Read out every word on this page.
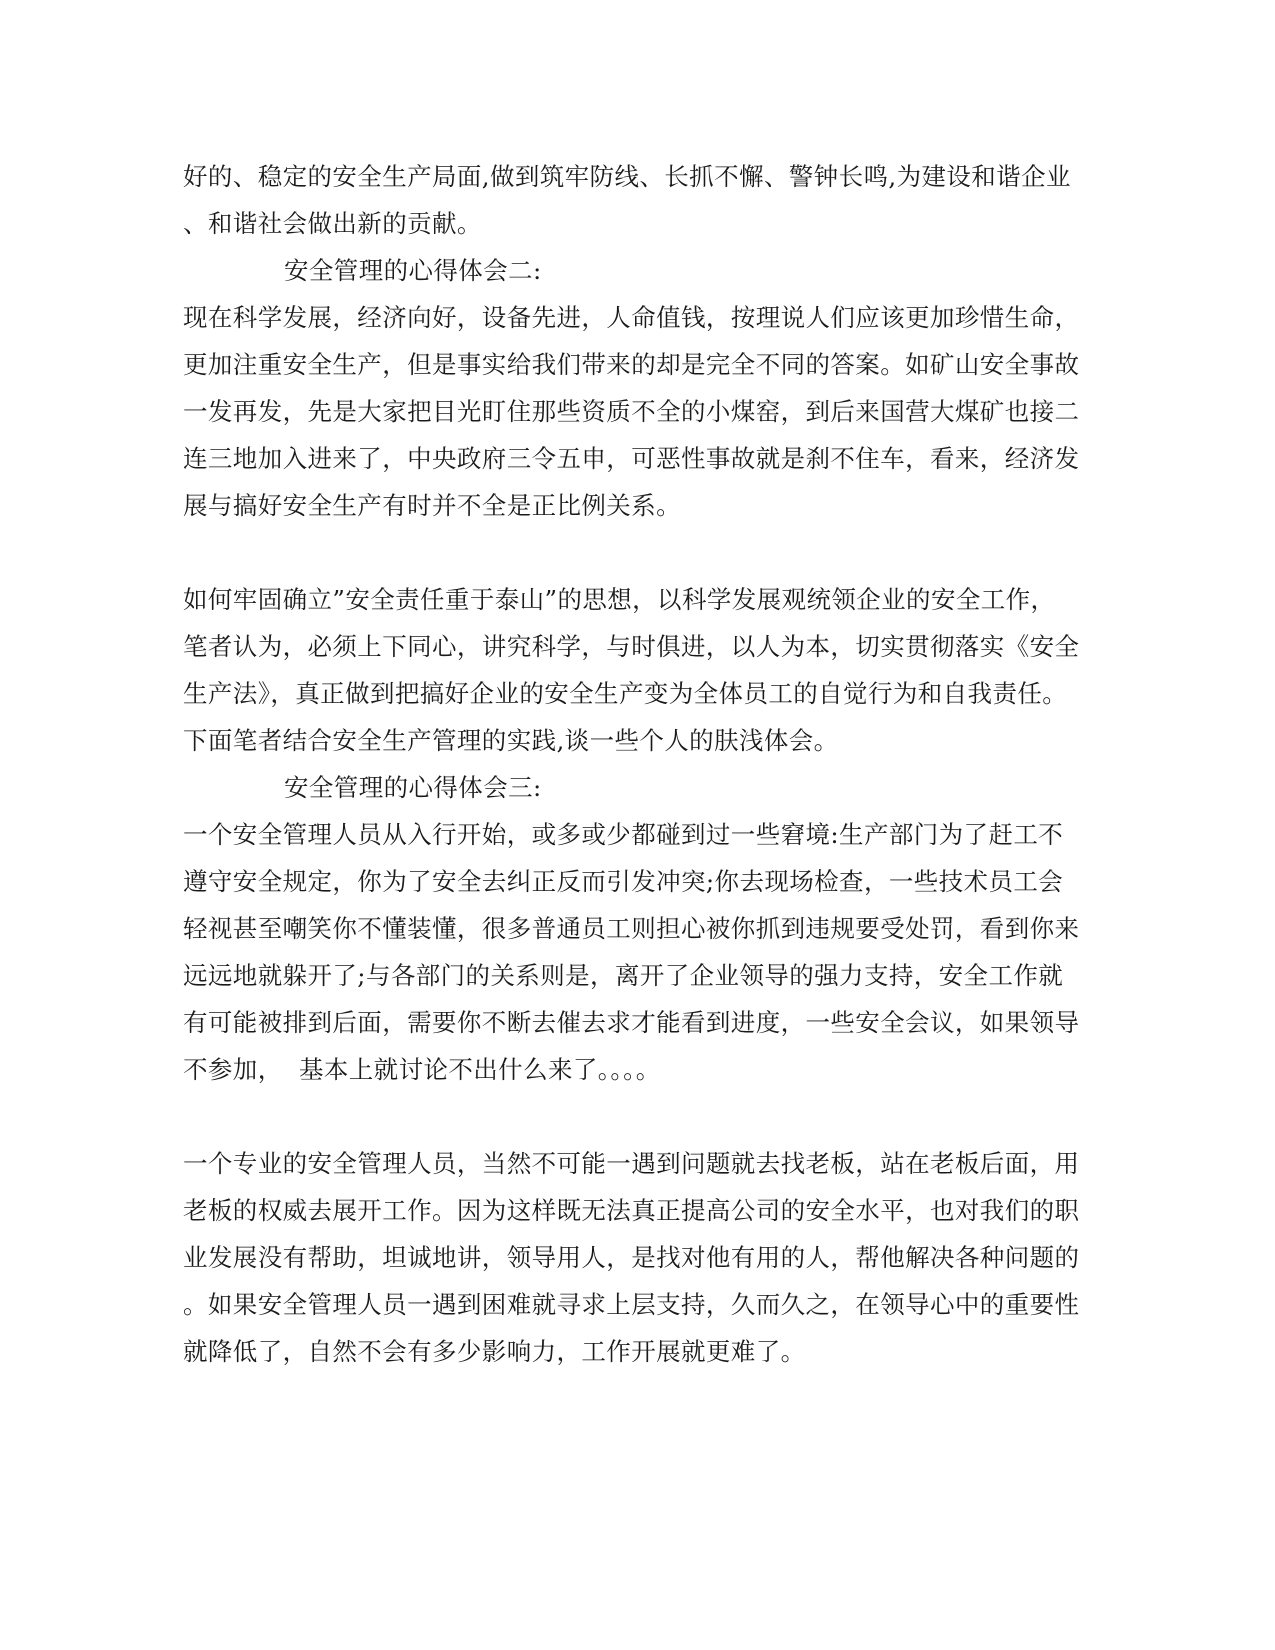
好的、稳定的安全生产局面,做到筑牢防线、长抓不懈、警钟长鸣,为建设和谐企业
、和谐社会做出新的贡献。
安全管理的心得体会二:
现在科学发展，经济向好，设备先进，人命值钱，按理说人们应该更加珍惜生命，
更加注重安全生产，但是事实给我们带来的却是完全不同的答案。如矿山安全事故
一发再发，先是大家把目光盯住那些资质不全的小煤窑，到后来国营大煤矿也接二
连三地加入进来了，中央政府三令五申，可恶性事故就是刹不住车，看来，经济发
展与搞好安全生产有时并不全是正比例关系。
如何牢固确立”安全责任重于泰山”的思想，以科学发展观统领企业的安全工作，
笔者认为，必须上下同心，讲究科学，与时俱进，以人为本，切实贯彻落实《安全
生产法》，真正做到把搞好企业的安全生产变为全体员工的自觉行为和自我责任。
下面笔者结合安全生产管理的实践,谈一些个人的肤浅体会。
安全管理的心得体会三:
一个安全管理人员从入行开始，或多或少都碰到过一些窘境:生产部门为了赶工不
遵守安全规定，你为了安全去纠正反而引发冲突;你去现场检查，一些技术员工会
轻视甚至嘲笑你不懂装懂，很多普通员工则担心被你抓到违规要受处罚，看到你来
远远地就躲开了;与各部门的关系则是，离开了企业领导的强力支持，安全工作就
有可能被排到后面，需要你不断去催去求才能看到进度，一些安全会议，如果领导
不参加，  基本上就讨论不出什么来了。。。。
一个专业的安全管理人员，当然不可能一遇到问题就去找老板，站在老板后面，用
老板的权威去展开工作。因为这样既无法真正提高公司的安全水平，也对我们的职
业发展没有帮助，坦诚地讲，领导用人，是找对他有用的人，帮他解决各种问题的
。如果安全管理人员一遇到困难就寻求上层支持，久而久之，在领导心中的重要性
就降低了，自然不会有多少影响力，工作开展就更难了。
